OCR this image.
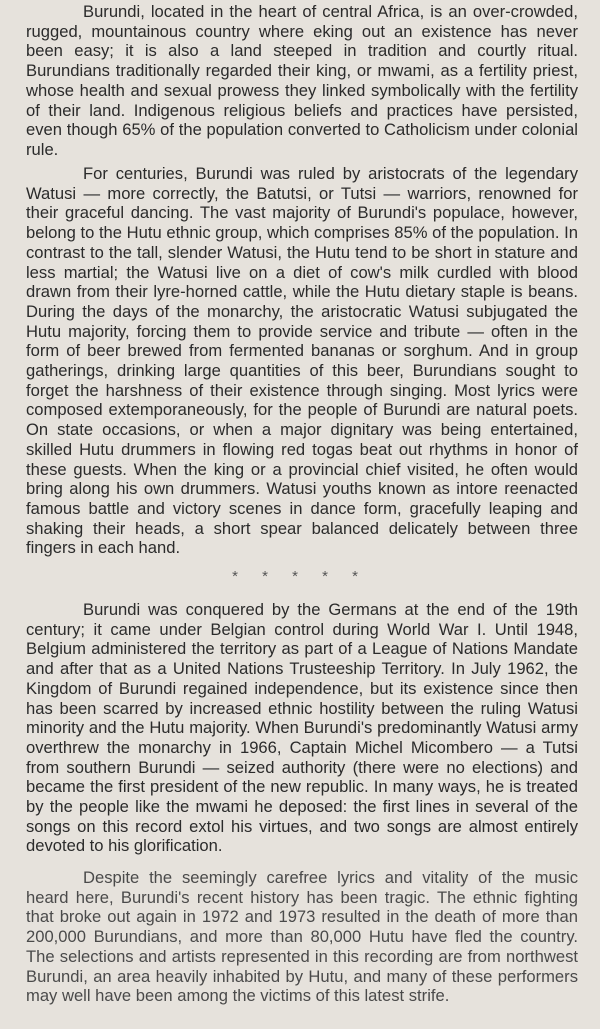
Burundi, located in the heart of central Africa, is an over-crowded, rugged, mountainous country where eking out an existence has never been easy; it is also a land steeped in tradition and courtly ritual. Burundians traditionally regarded their king, or mwami, as a fertility priest, whose health and sexual prowess they linked symbolically with the fertility of their land. Indigenous religious beliefs and practices have persisted, even though 65% of the population converted to Catholicism under colonial rule.

For centuries, Burundi was ruled by aristocrats of the legendary Watusi — more correctly, the Batutsi, or Tutsi — warriors, renowned for their graceful dancing. The vast majority of Burundi's populace, however, belong to the Hutu ethnic group, which comprises 85% of the population. In contrast to the tall, slender Watusi, the Hutu tend to be short in stature and less martial; the Watusi live on a diet of cow's milk curdled with blood drawn from their lyre-horned cattle, while the Hutu dietary staple is beans. During the days of the monarchy, the aristocratic Watusi subjugated the Hutu majority, forcing them to provide service and tribute — often in the form of beer brewed from fermented bananas or sorghum. And in group gatherings, drinking large quantities of this beer, Burundians sought to forget the harshness of their existence through singing. Most lyrics were composed extemporaneously, for the people of Burundi are natural poets. On state occasions, or when a major dignitary was being entertained, skilled Hutu drummers in flowing red togas beat out rhythms in honor of these guests. When the king or a provincial chief visited, he often would bring along his own drummers. Watusi youths known as intore reenacted famous battle and victory scenes in dance form, gracefully leaping and shaking their heads, a short spear balanced delicately between three fingers in each hand.

* * * * *

Burundi was conquered by the Germans at the end of the 19th century; it came under Belgian control during World War I. Until 1948, Belgium administered the territory as part of a League of Nations Mandate and after that as a United Nations Trusteeship Territory. In July 1962, the Kingdom of Burundi regained independence, but its existence since then has been scarred by increased ethnic hostility between the ruling Watusi minority and the Hutu majority. When Burundi's predominantly Watusi army overthrew the monarchy in 1966, Captain Michel Micombero — a Tutsi from southern Burundi — seized authority (there were no elections) and became the first president of the new republic. In many ways, he is treated by the people like the mwami he deposed: the first lines in several of the songs on this record extol his virtues, and two songs are almost entirely devoted to his glorification.

Despite the seemingly carefree lyrics and vitality of the music heard here, Burundi's recent history has been tragic. The ethnic fighting that broke out again in 1972 and 1973 resulted in the death of more than 200,000 Burundians, and more than 80,000 Hutu have fled the country. The selections and artists represented in this recording are from northwest Burundi, an area heavily inhabited by Hutu, and many of these performers may well have been among the victims of this latest strife.
